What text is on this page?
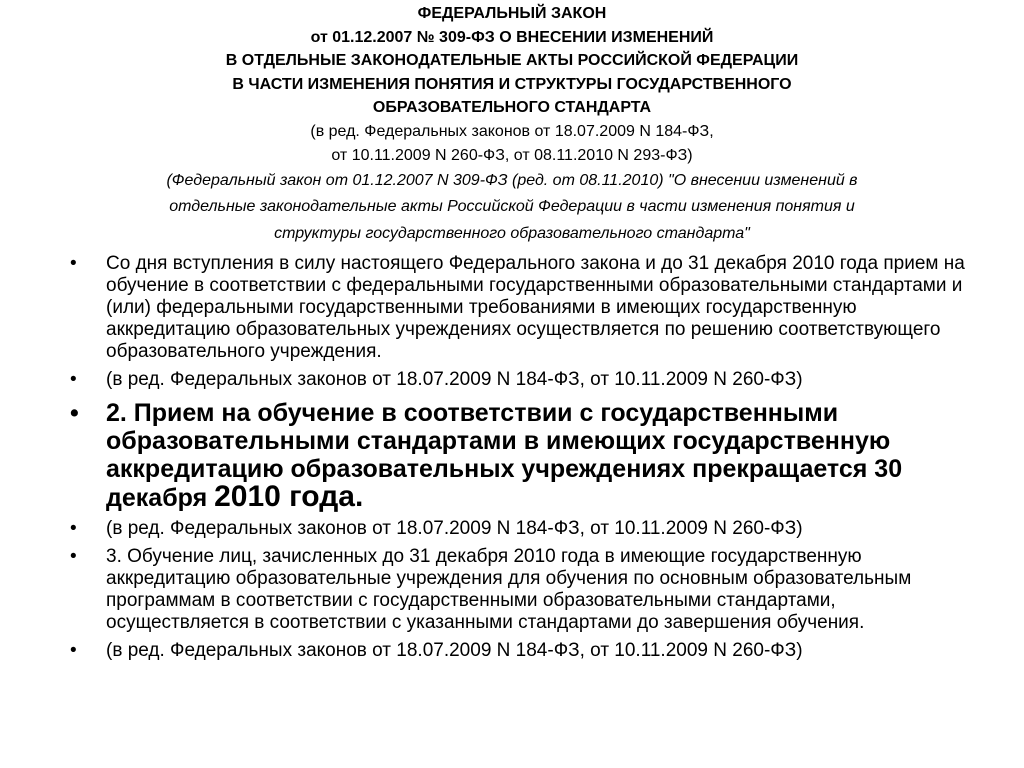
ФЕДЕРАЛЬНЫЙ ЗАКОН
от 01.12.2007 № 309-ФЗ О ВНЕСЕНИИ ИЗМЕНЕНИЙ
В ОТДЕЛЬНЫЕ ЗАКОНОДАТЕЛЬНЫЕ АКТЫ РОССИЙСКОЙ ФЕДЕРАЦИИ
В ЧАСТИ ИЗМЕНЕНИЯ ПОНЯТИЯ И СТРУКТУРЫ ГОСУДАРСТВЕННОГО
ОБРАЗОВАТЕЛЬНОГО СТАНДАРТА
(в ред. Федеральных законов от 18.07.2009 N 184-ФЗ,
от 10.11.2009 N 260-ФЗ, от 08.11.2010 N 293-ФЗ)
(Федеральный закон от 01.12.2007 N 309-ФЗ (ред. от 08.11.2010) "О внесении изменений в
отдельные законодательные акты Российской Федерации в части изменения понятия и
структуры государственного образовательного стандарта"
• Со дня вступления в силу настоящего Федерального закона и до 31 декабря 2010 года прием на обучение в соответствии с федеральными государственными образовательными стандартами и (или) федеральными государственными требованиями в имеющих государственную аккредитацию образовательных учреждениях осуществляется по решению соответствующего образовательного учреждения.
• (в ред. Федеральных законов от 18.07.2009 N 184-ФЗ, от 10.11.2009 N 260-ФЗ)
• 2. Прием на обучение в соответствии с государственными образовательными стандартами в имеющих государственную аккредитацию образовательных учреждениях прекращается 30 декабря 2010 года.
• (в ред. Федеральных законов от 18.07.2009 N 184-ФЗ, от 10.11.2009 N 260-ФЗ)
• 3. Обучение лиц, зачисленных до 31 декабря 2010 года в имеющие государственную аккредитацию образовательные учреждения для обучения по основным образовательным программам в соответствии с государственными образовательными стандартами, осуществляется в соответствии с указанными стандартами до завершения обучения.
• (в ред. Федеральных законов от 18.07.2009 N 184-ФЗ, от 10.11.2009 N 260-ФЗ)
